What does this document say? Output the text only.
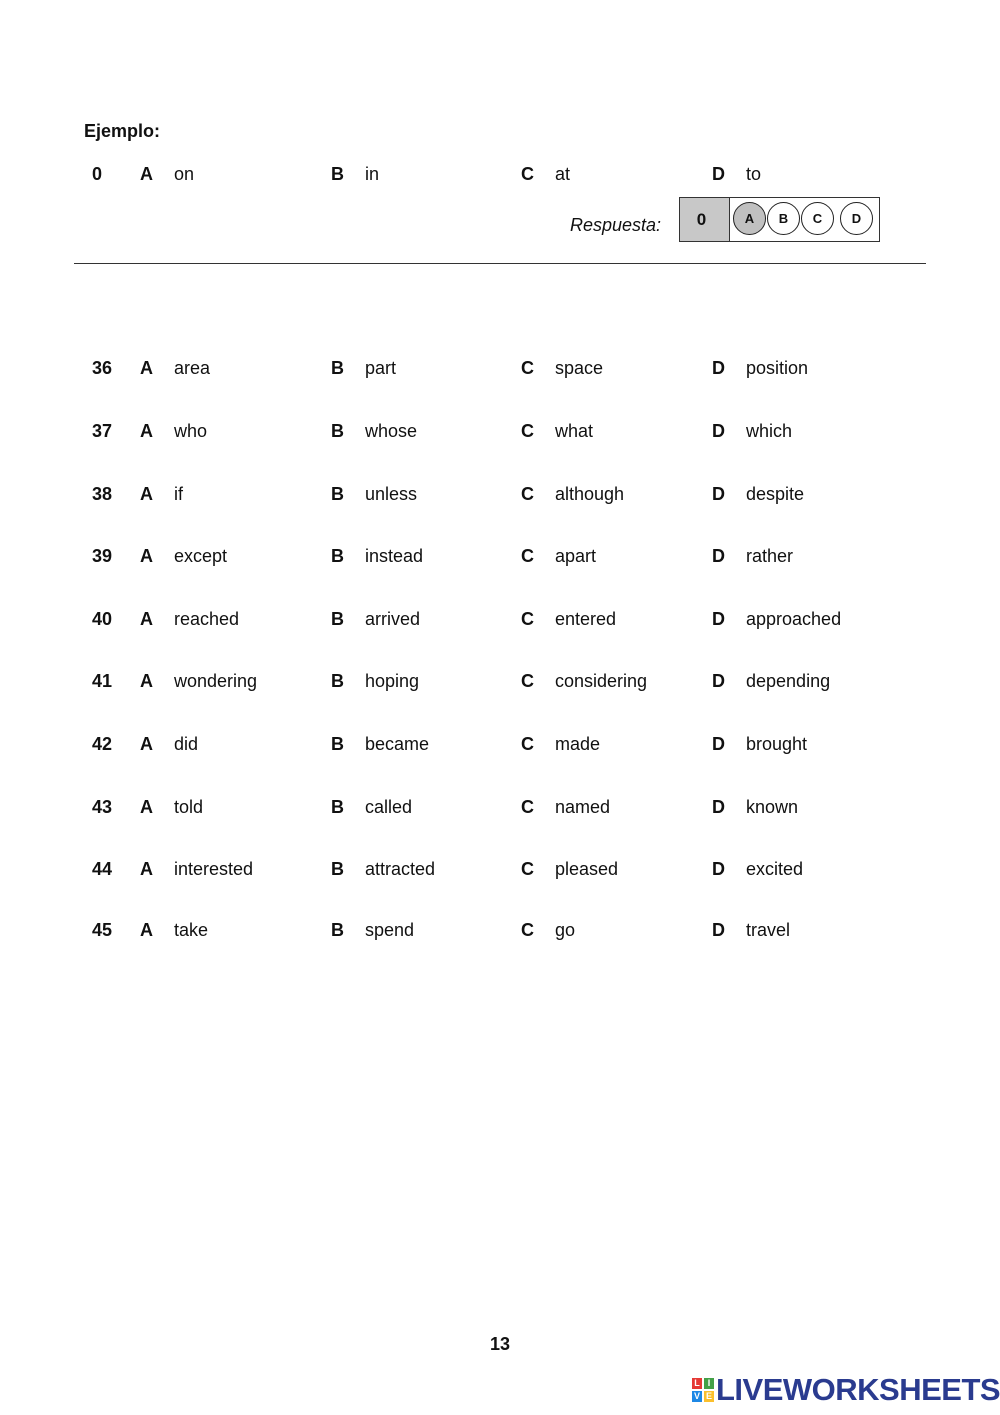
Ejemplo:
0 A on	B in	C at	D to
Respuesta:	0	A	B	C	D
36 A area	B part	C space	D position
37 A who	B whose	C what	D which
38 A if	B unless	C although	D despite
39 A except	B instead	C apart	D rather
40 A reached	B arrived	C entered	D approached
41 A wondering	B hoping	C considering	D depending
42 A did	B became	C made	D brought
43 A told	B called	C named	D known
44 A interested	B attracted	C pleased	D excited
45 A take	B spend	C go	D travel
13
L I
V E LIVEWORKSHEETS
